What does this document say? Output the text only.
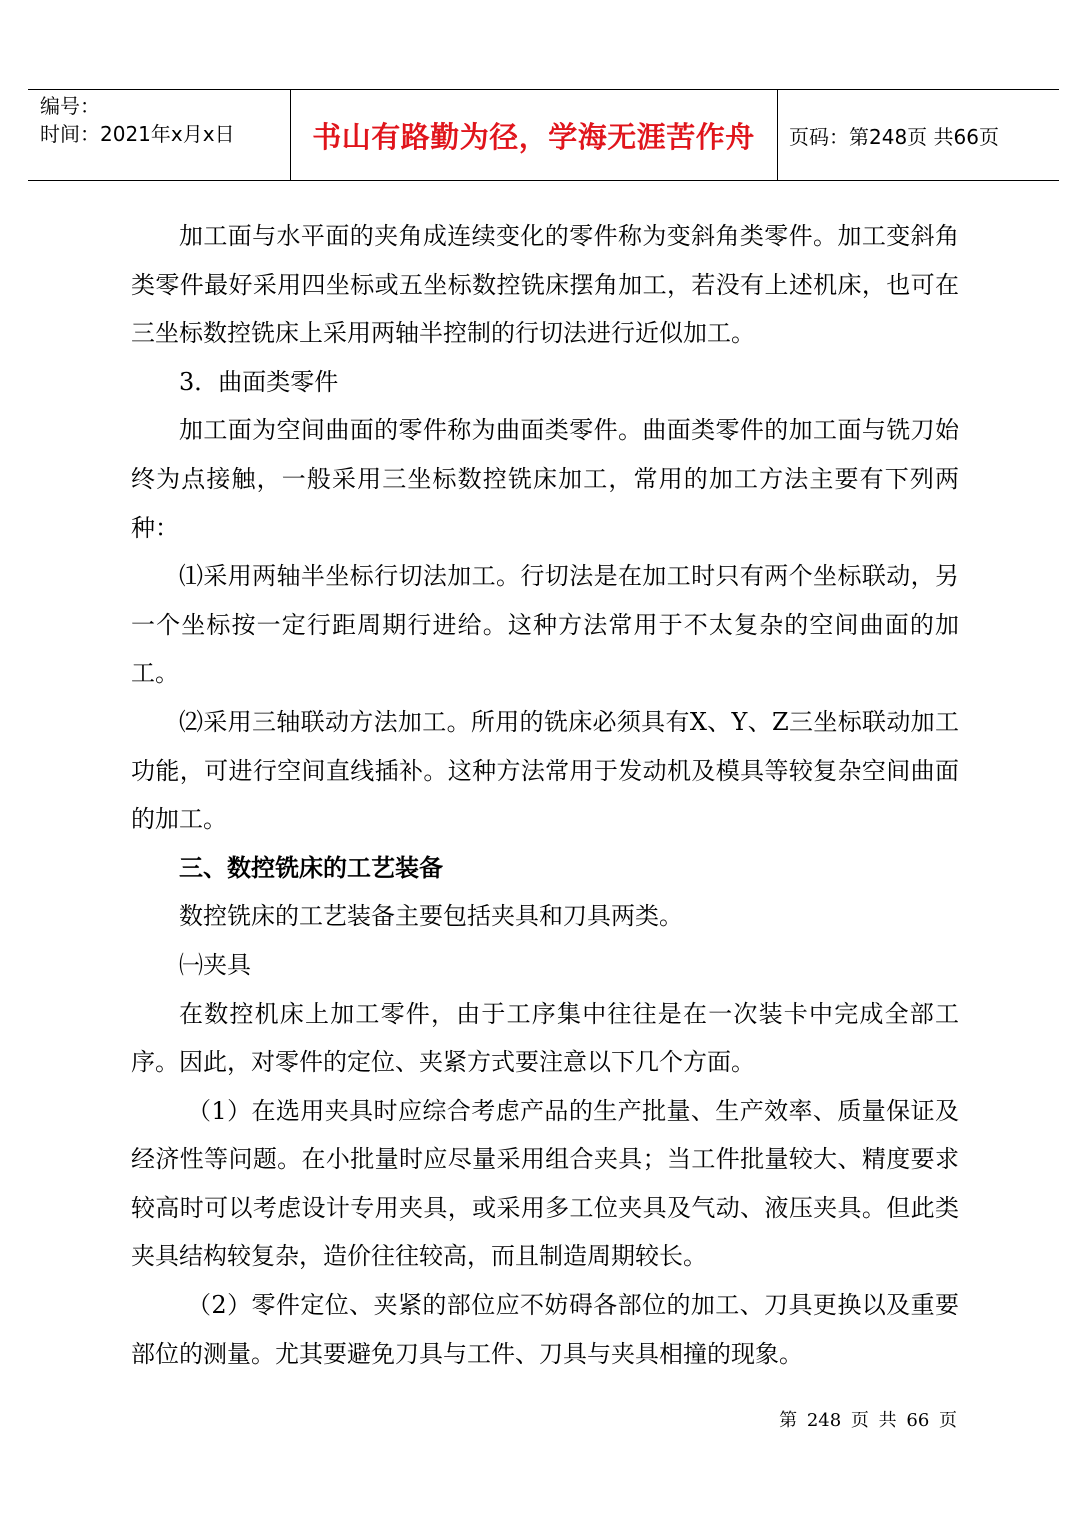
编号：
时间：2021年x月x日	书山有路勤为径，学海无涯苦作舟	页码：第248页 共66页

加工面与水平面的夹角成连续变化的零件称为变斜角类零件。加工变斜角类零件最好采用四坐标或五坐标数控铣床摆角加工，若没有上述机床，也可在三坐标数控铣床上采用两轴半控制的行切法进行近似加工。

3．曲面类零件

加工面为空间曲面的零件称为曲面类零件。曲面类零件的加工面与铣刀始终为点接触，一般采用三坐标数控铣床加工，常用的加工方法主要有下列两种：

⑴采用两轴半坐标行切法加工。行切法是在加工时只有两个坐标联动，另一个坐标按一定行距周期行进给。这种方法常用于不太复杂的空间曲面的加工。

⑵采用三轴联动方法加工。所用的铣床必须具有X、Y、Z三坐标联动加工功能，可进行空间直线插补。这种方法常用于发动机及模具等较复杂空间曲面的加工。

三、数控铣床的工艺装备

数控铣床的工艺装备主要包括夹具和刀具两类。

㈠夹具

在数控机床上加工零件，由于工序集中往往是在一次装卡中完成全部工序。因此，对零件的定位、夹紧方式要注意以下几个方面。

（1）在选用夹具时应综合考虑产品的生产批量、生产效率、质量保证及经济性等问题。在小批量时应尽量采用组合夹具；当工件批量较大、精度要求较高时可以考虑设计专用夹具，或采用多工位夹具及气动、液压夹具。但此类夹具结构较复杂，造价往往较高，而且制造周期较长。

（2）零件定位、夹紧的部位应不妨碍各部位的加工、刀具更换以及重要部位的测量。尤其要避免刀具与工件、刀具与夹具相撞的现象。

第 248 页 共 66 页
